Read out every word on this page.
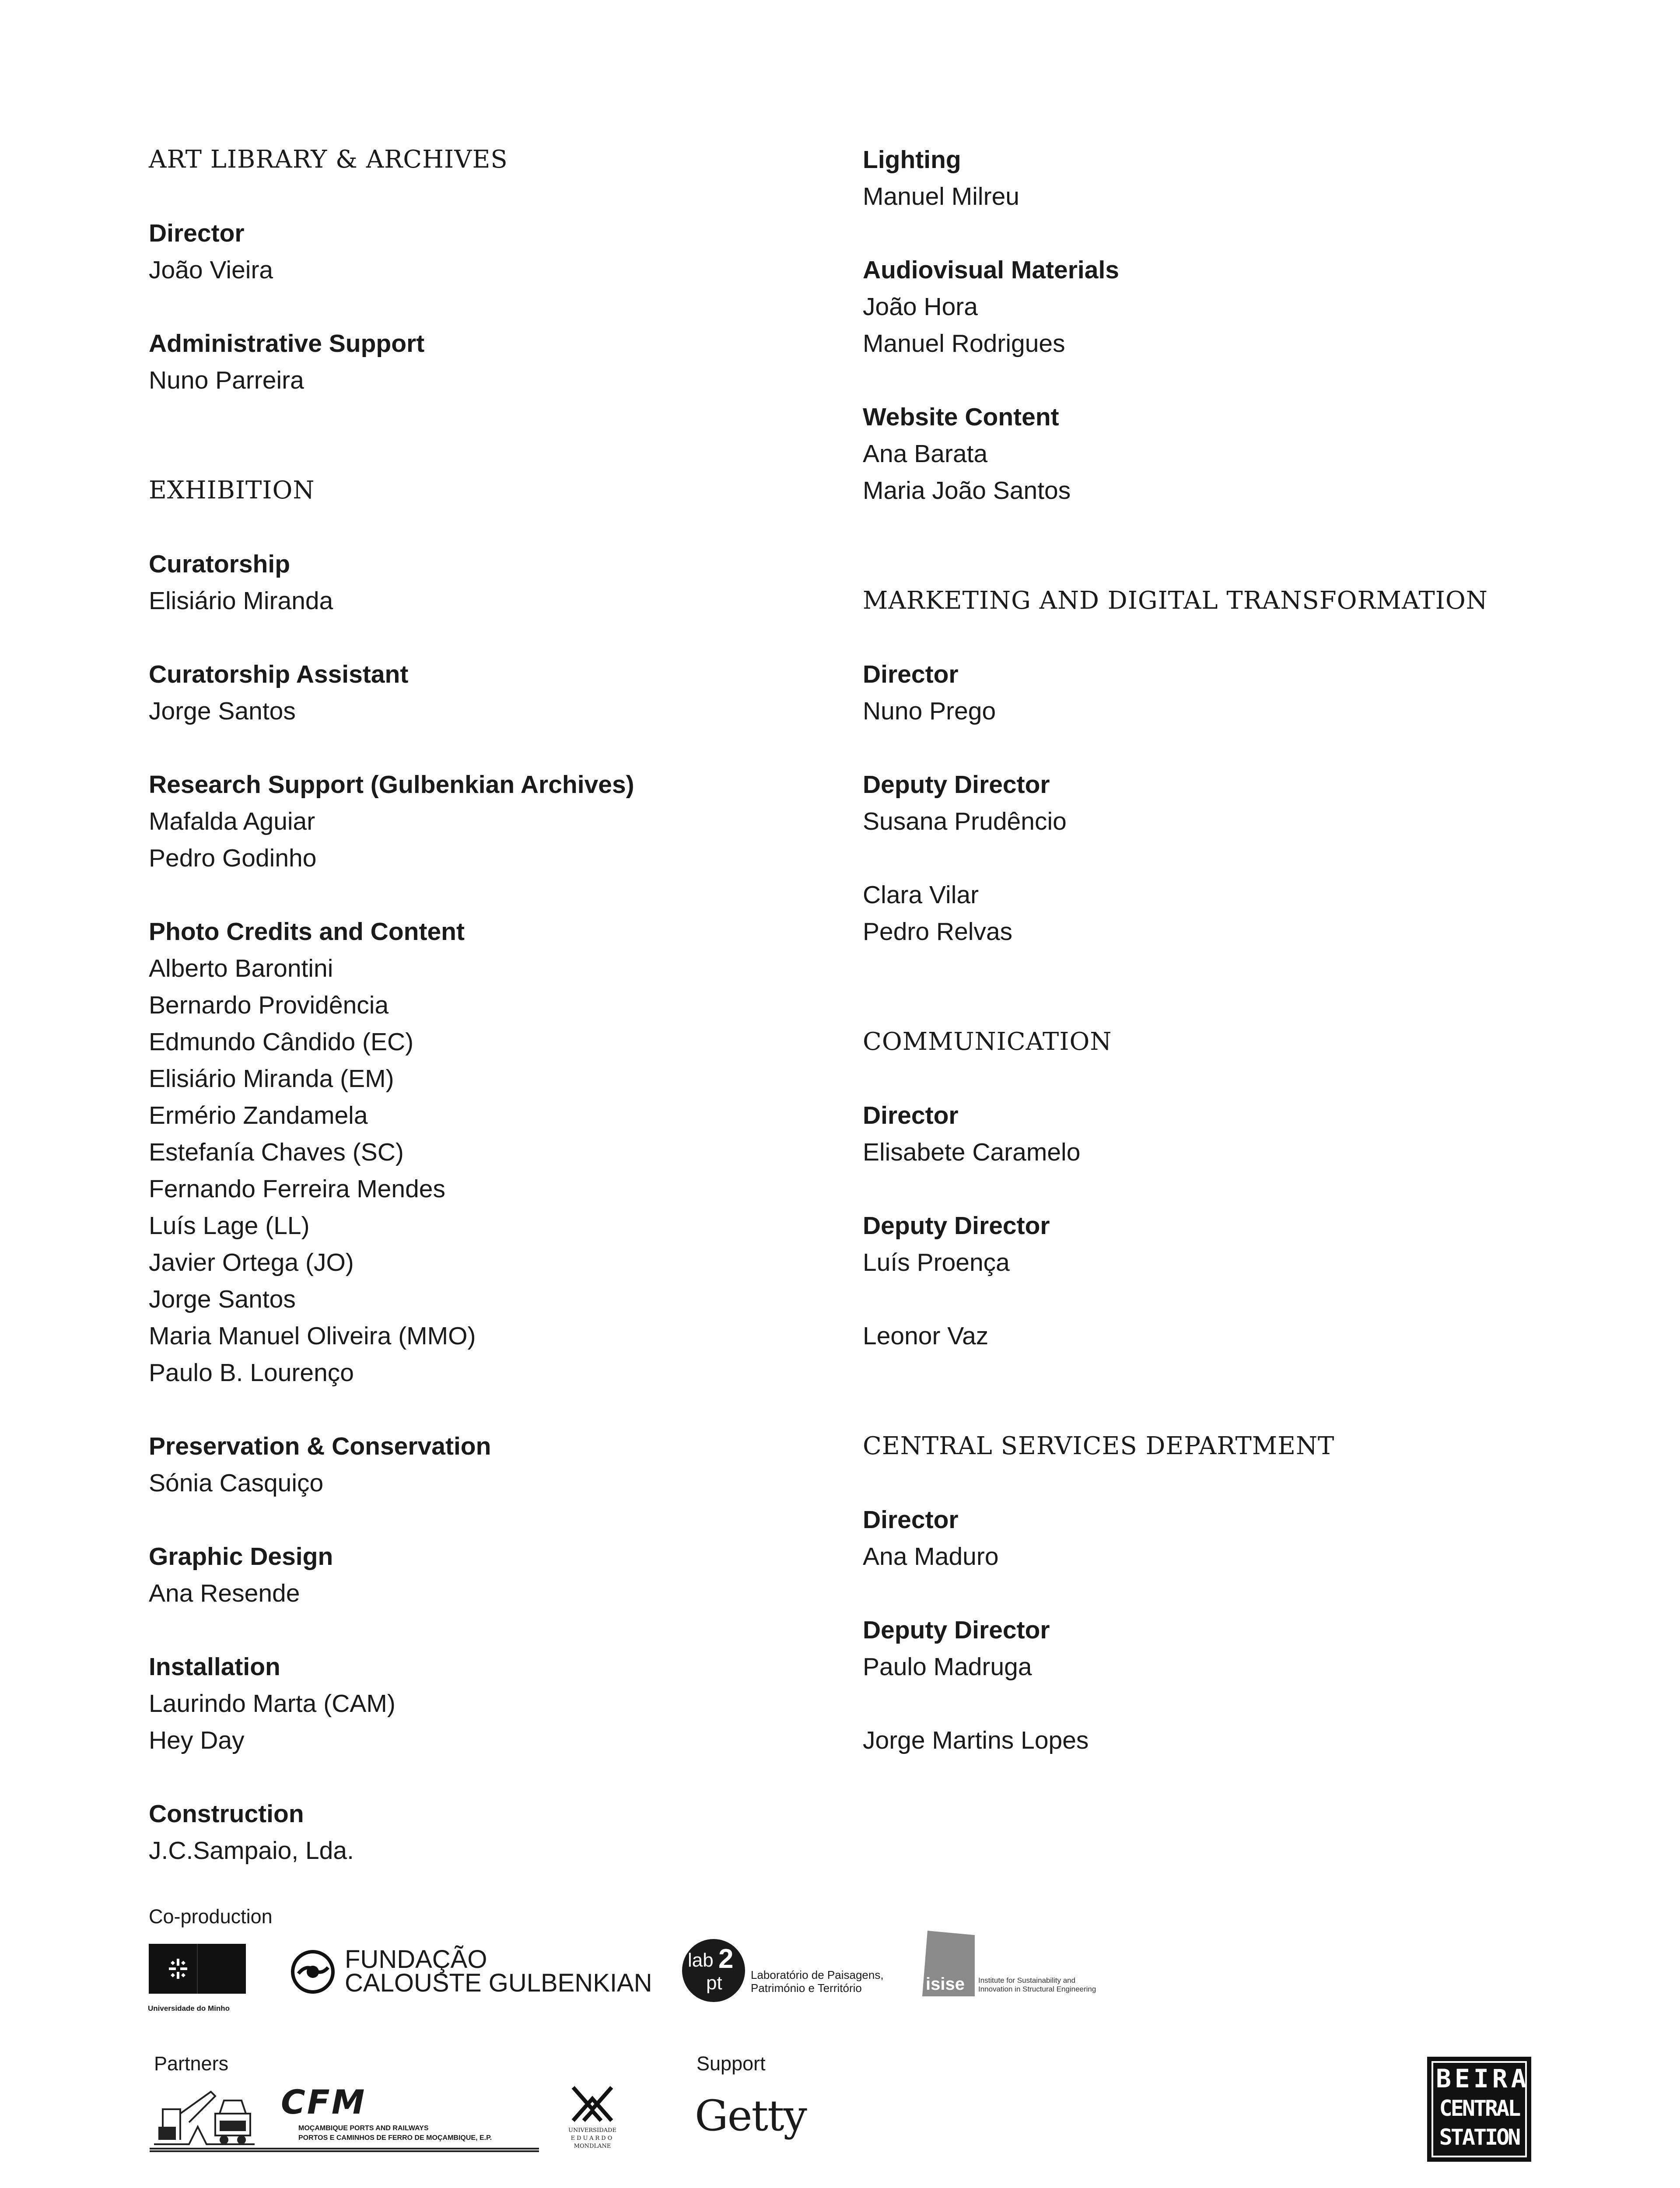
ART LIBRARY & ARCHIVES
Director
João Vieira
Administrative Support
Nuno Parreira
EXHIBITION
Curatorship
Elisiário Miranda
Curatorship Assistant
Jorge Santos
Research Support (Gulbenkian Archives)
Mafalda Aguiar
Pedro Godinho
Photo Credits and Content
Alberto Barontini
Bernardo Providência
Edmundo Cândido (EC)
Elisiário Miranda (EM)
Ermério Zandamela
Estefanía Chaves (SC)
Fernando Ferreira Mendes
Luís Lage (LL)
Javier Ortega (JO)
Jorge Santos
Maria Manuel Oliveira (MMO)
Paulo B. Lourenço
Preservation & Conservation
Sónia Casquiço
Graphic Design
Ana Resende
Installation
Laurindo Marta (CAM)
Hey Day
Construction
J.C.Sampaio, Lda.
Lighting
Manuel Milreu
Audiovisual Materials
João Hora
Manuel Rodrigues
Website Content
Ana Barata
Maria João Santos
MARKETING AND DIGITAL TRANSFORMATION
Director
Nuno Prego
Deputy Director
Susana Prudêncio
Clara Vilar
Pedro Relvas
COMMUNICATION
Director
Elisabete Caramelo
Deputy Director
Luís Proença
Leonor Vaz
CENTRAL SERVICES DEPARTMENT
Director
Ana Maduro
Deputy Director
Paulo Madruga
Jorge Martins Lopes
Co-production
Partners	Support
Universidade do Minho
FUNDAÇÃO
CALOUSTE GULBENKIAN
lab 2
pt	Laboratório de Paisagens,
Património e Território	isise Institute for Sustainability and
Innovation in Structural Engineering
CFM
MOÇAMBIQUE PORTS AND RAILWAYS
PORTOS E CAMINHOS DE FERRO DE MOÇAMBIQUE, E.P.
UNIVERSIDADE
EDUARDO
MONDLANE
Getty
BEIRA
CENTRAL
STATION
